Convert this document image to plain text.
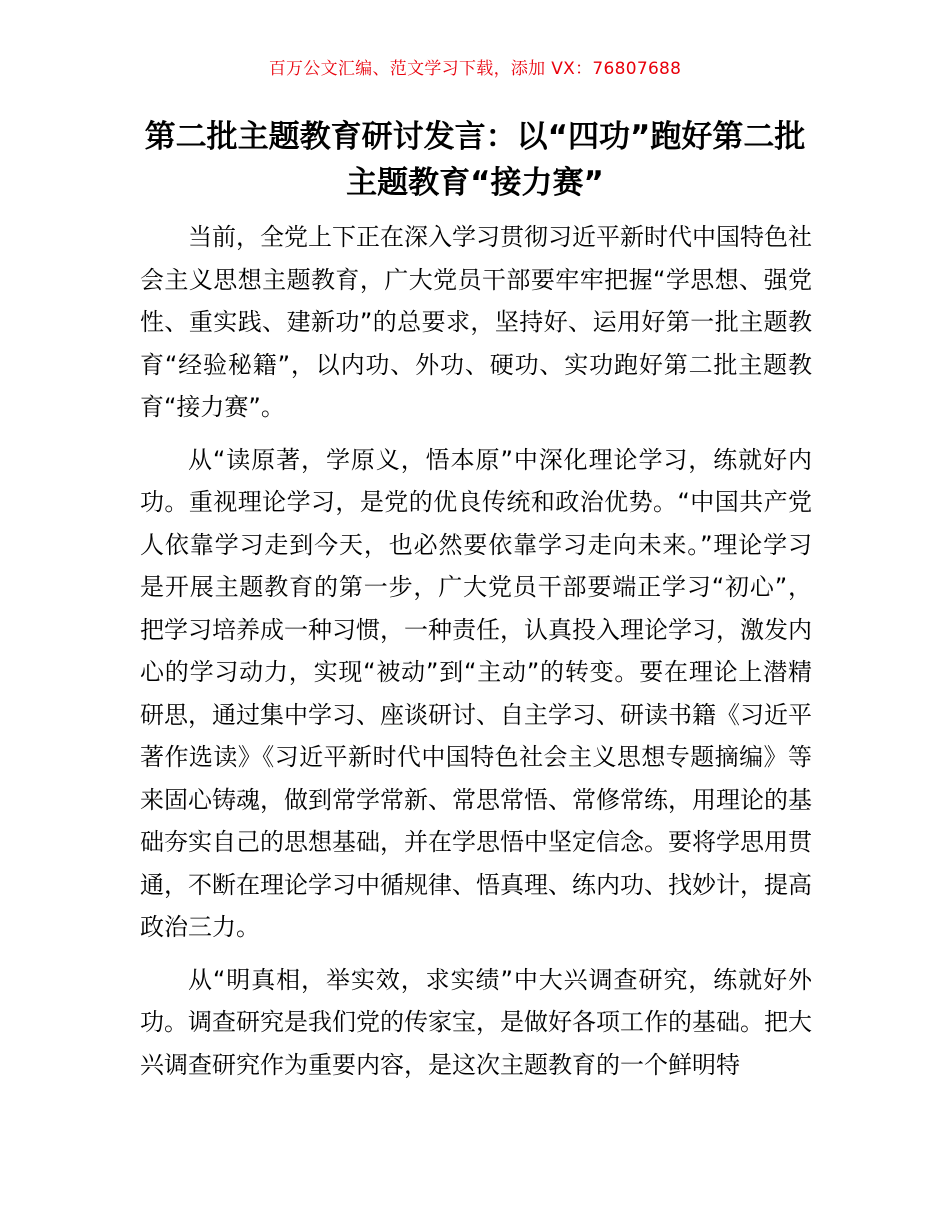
百万公文汇编、范文学习下载，添加 VX：76807688
第二批主题教育研讨发言：以“四功”跑好第二批主题教育“接力赛”

当前，全党上下正在深入学习贯彻习近平新时代中国特色社会主义思想主题教育，广大党员干部要牢牢把握“学思想、强党性、重实践、建新功”的总要求，坚持好、运用好第一批主题教育“经验秘籍”，以内功、外功、硬功、实功跑好第二批主题教育“接力赛”。

从“读原著，学原义，悟本原”中深化理论学习，练就好内功。重视理论学习，是党的优良传统和政治优势。“中国共产党人依靠学习走到今天，也必然要依靠学习走向未来。”理论学习是开展主题教育的第一步，广大党员干部要端正学习“初心”，把学习培养成一种习惯，一种责任，认真投入理论学习，激发内心的学习动力，实现“被动”到“主动”的转变。要在理论上潜精研思，通过集中学习、座谈研讨、自主学习、研读书籍《习近平著作选读》《习近平新时代中国特色社会主义思想专题摘编》等来固心铸魂，做到常学常新、常思常悟、常修常练，用理论的基础夯实自己的思想基础，并在学思悟中坚定信念。要将学思用贯通，不断在理论学习中循规律、悟真理、练内功、找妙计，提高政治三力。

从“明真相，举实效，求实绩”中大兴调查研究，练就好外功。调查研究是我们党的传家宝，是做好各项工作的基础。把大兴调查研究作为重要内容，是这次主题教育的一个鲜明特
